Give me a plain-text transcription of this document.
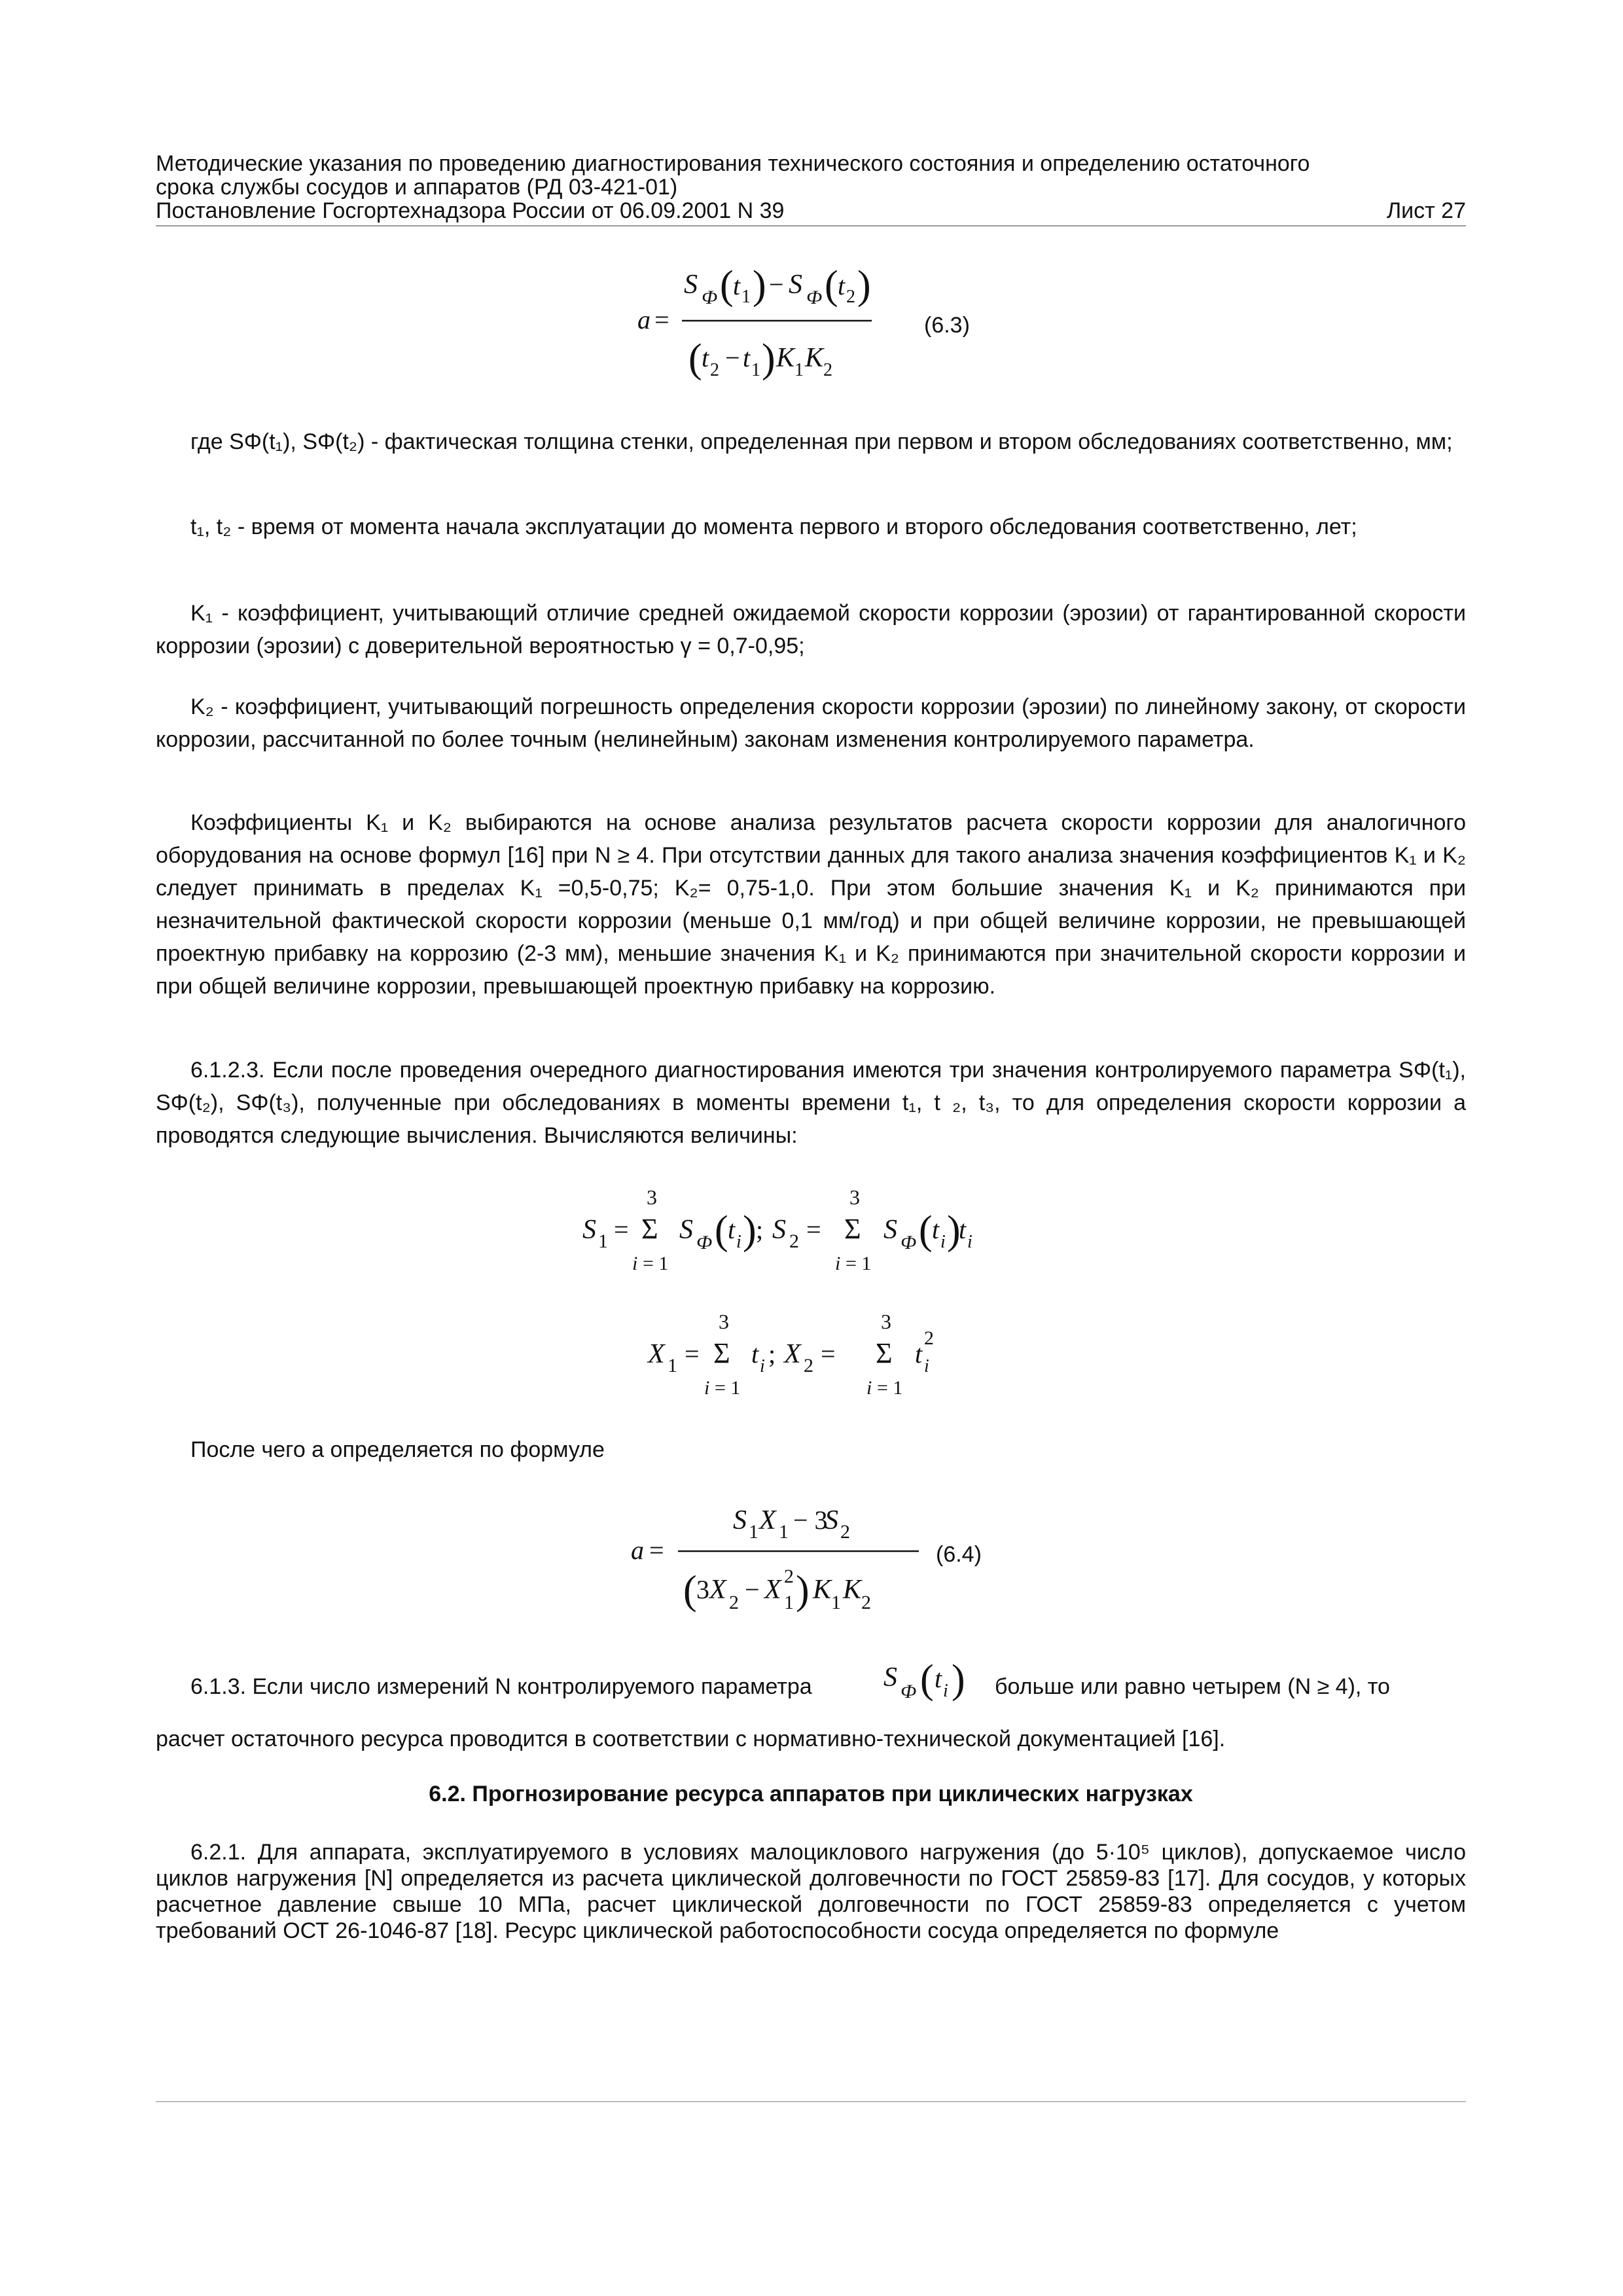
Методические указания по проведению диагностирования технического состояния и определению остаточного
срока службы сосудов и аппаратов (РД 03-421-01)
Постановление Госгортехнадзора России от 06.09.2001 N 39	Лист 27
a =
S Ф ( t 1 ) − S Ф ( t 2 )
( t 2 − t 1 ) K 1 K 2
(6.3)
где SΦ(t₁), SΦ(t₂) - фактическая толщина стенки, определенная при первом и втором обследованиях соответственно, мм;
t₁, t₂ - время от момента начала эксплуатации до момента первого и второго обследования соответственно, лет;
K₁ - коэффициент, учитывающий отличие средней ожидаемой скорости коррозии (эрозии) от гарантированной скорости коррозии (эрозии) с доверительной вероятностью γ = 0,7-0,95;
K₂ - коэффициент, учитывающий погрешность определения скорости коррозии (эрозии) по линейному закону, от скорости коррозии, рассчитанной по более точным (нелинейным) законам изменения контролируемого параметра.
Коэффициенты K₁ и K₂ выбираются на основе анализа результатов расчета скорости коррозии для аналогичного оборудования на основе формул [16] при N ≥ 4. При отсутствии данных для такого анализа значения коэффициентов K₁ и K₂ следует принимать в пределах K₁ =0,5-0,75; K₂= 0,75-1,0. При этом большие значения K₁ и K₂ принимаются при незначительной фактической скорости коррозии (меньше 0,1 мм/год) и при общей величине коррозии, не превышающей проектную прибавку на коррозию (2-3 мм), меньшие значения K₁ и K₂ принимаются при значительной скорости коррозии и при общей величине коррозии, превышающей проектную прибавку на коррозию.
6.1.2.3. Если после проведения очередного диагностирования имеются три значения контролируемого параметра SΦ(t₁), SΦ(t₂), SΦ(t₃), полученные при обследованиях в моменты времени t₁, t ₂, t₃, то для определения скорости коррозии a проводятся следующие вычисления. Вычисляются величины:
S 1 =
3
Σ
i = 1
S Ф ( t i ) ; S 2 =
3
Σ
i = 1
S Ф ( t i )
t i
X 1 =
3
Σ
i = 1
t i ; X 2 =
3
Σ
i = 1
t
2
i
После чего a определяется по формуле
a =
S 1 X 1 − 3
S 2
( 3 X 2 − X 2
1 ) K 1 K 2
(6.4)
6.1.3. Если число измерений N контролируемого параметра	S Ф ( t i ) больше или равно четырем (N ≥ 4), то
расчет остаточного ресурса проводится в соответствии с нормативно-технической документацией [16].
6.2. Прогнозирование ресурса аппаратов при циклических нагрузках
6.2.1. Для аппарата, эксплуатируемого в условиях малоциклового нагружения (до 5·10⁵ циклов), допускаемое число циклов нагружения [N] определяется из расчета циклической долговечности по ГОСТ 25859-83 [17]. Для сосудов, у которых расчетное давление свыше 10 МПа, расчет циклической долговечности по ГОСТ 25859-83 определяется с учетом требований ОСТ 26-1046-87 [18]. Ресурс циклической работоспособности сосуда определяется по формуле
